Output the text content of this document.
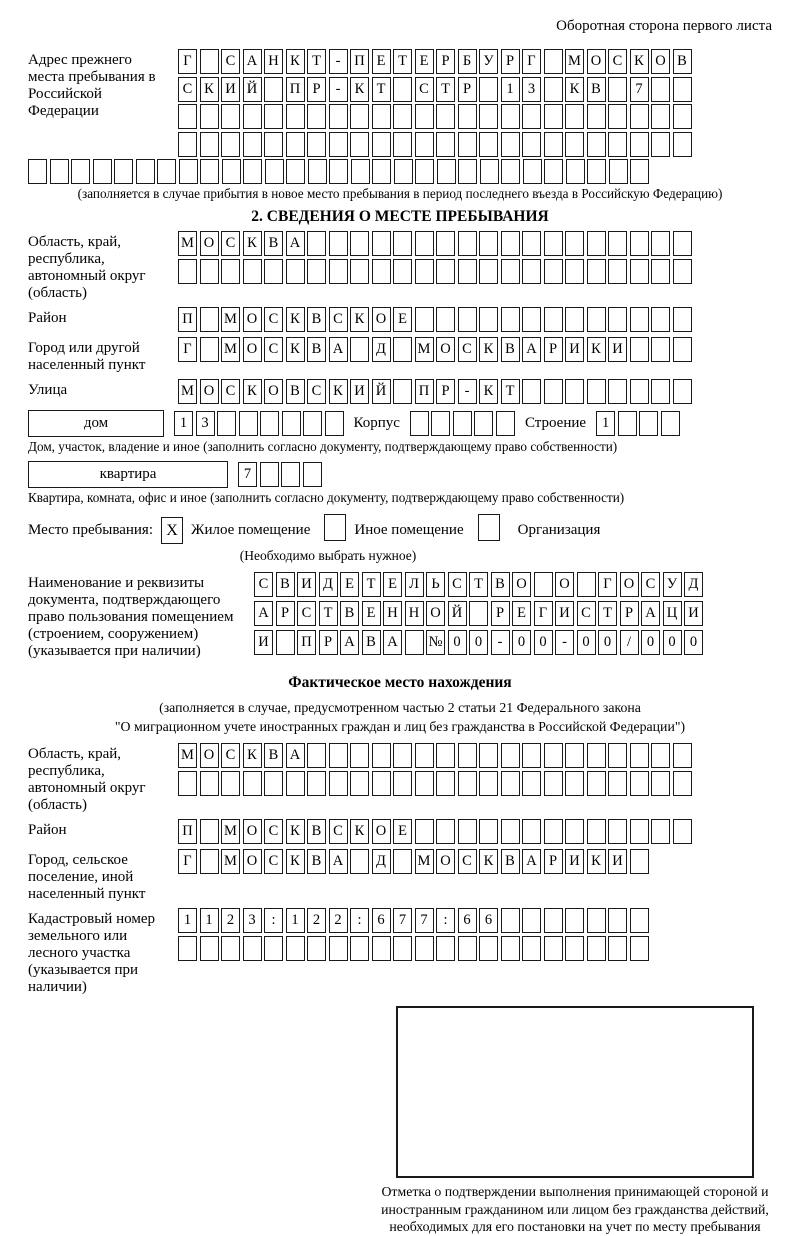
Оборотная сторона первого листа
Адрес прежнего места пребывания в Российской Федерации
Г	С А Н К Т	- П Е Т Е Р Б У Р Г	М О С К О В
С К И Й П Р	- К Т	С Т Р	1 3	К В	7
(заполняется в случае прибытия в новое место пребывания в период последнего въезда в Российскую Федерацию)
2. СВЕДЕНИЯ О МЕСТЕ ПРЕБЫВАНИЯ
Область, край, республика, автономный округ (область)
М О С К В А
Район	П М О С К В С К О Е
Город или другой населенный пункт
Г	М О С К В А	Д	М О С К В А Р И К И
Улица	М О С К О В С К И Й П Р	- К Т
дом	1 3	Корпус	Строение	1
Дом, участок, владение и иное (заполнить согласно документу, подтверждающему право собственности)
квартира	7
Квартира, комната, офис и иное (заполнить согласно документу, подтверждающему право собственности)
Место пребывания: X Жилое помещение	Иное помещение	Организация
(Необходимо выбрать нужное)
Наименование и реквизиты документа, подтверждающего право пользования помещением (строением, сооружением) (указывается при наличии)
С В И Д Е Т Е Л Ь С Т В О О	Г О С У Д
А Р С Т В Е Н Н О Й	Р Е Г И С Т Р А Ц И
И П Р А В А № 0 0	-	0 0	-	0 0	/	0 0 0
Фактическое место нахождения
(заполняется в случае, предусмотренном частью 2 статьи 21 Федерального закона
"О миграционном учете иностранных граждан и лиц без гражданства в Российской Федерации")
Область, край, республика, автономный округ (область)
М О С К В А
Район	П М О С К В С К О Е
Город, сельское поселение, иной населенный пункт
Г	М О С К В А	Д	М О С К В А Р И К И
Кадастровый номер земельного или лесного участка (указывается при наличии)
1 1 2 3	:	1 2 2	:	6 7 7	:	6 6
Отметка о подтверждении выполнения принимающей стороной и иностранным гражданином или лицом без гражданства действий, необходимых для его постановки на учет по месту пребывания
